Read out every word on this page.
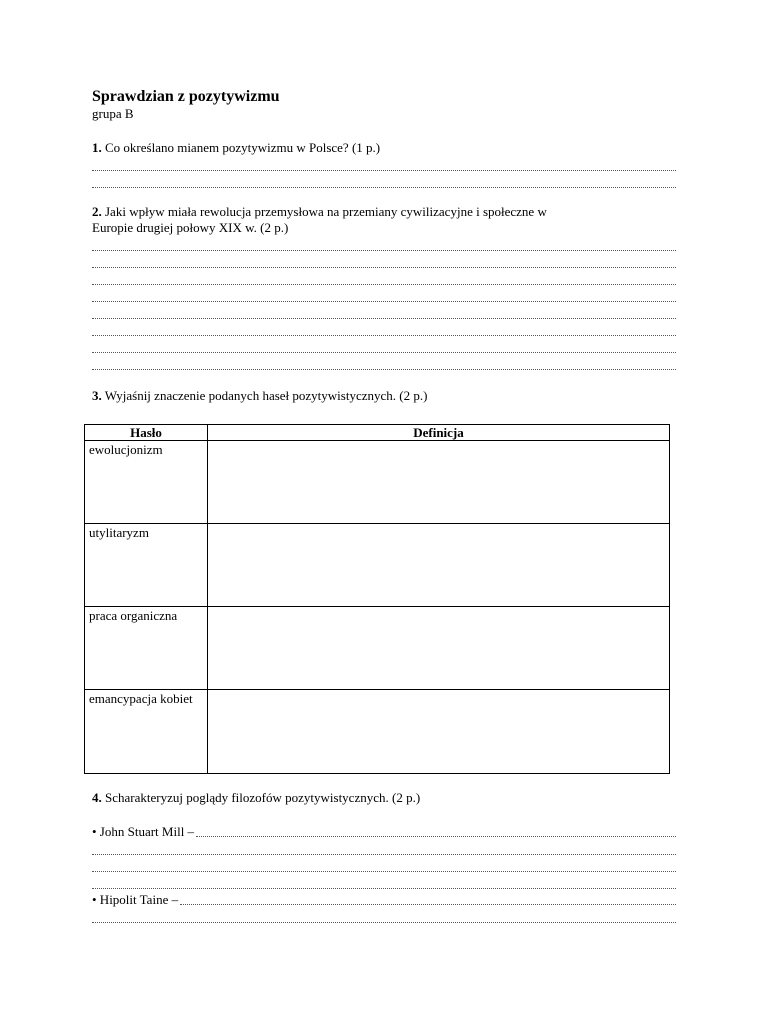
Sprawdzian z pozytywizmu

grupa B

1. Co określano mianem pozytywizmu w Polsce? (1 p.)

2. Jaki wpływ miała rewolucja przemysłowa na przemiany cywilizacyjne i społeczne w

Europie drugiej połowy XIX w. (2 p.)

3. Wyjaśnij znaczenie podanych haseł pozytywistycznych. (2 p.)

Hasło	Definicja
ewolucjonizm	
utylitaryzm	
praca organiczna	
emancypacja kobiet	

4. Scharakteryzuj poglądy filozofów pozytywistycznych. (2 p.)

• John Stuart Mill –
• Hipolit Taine –
